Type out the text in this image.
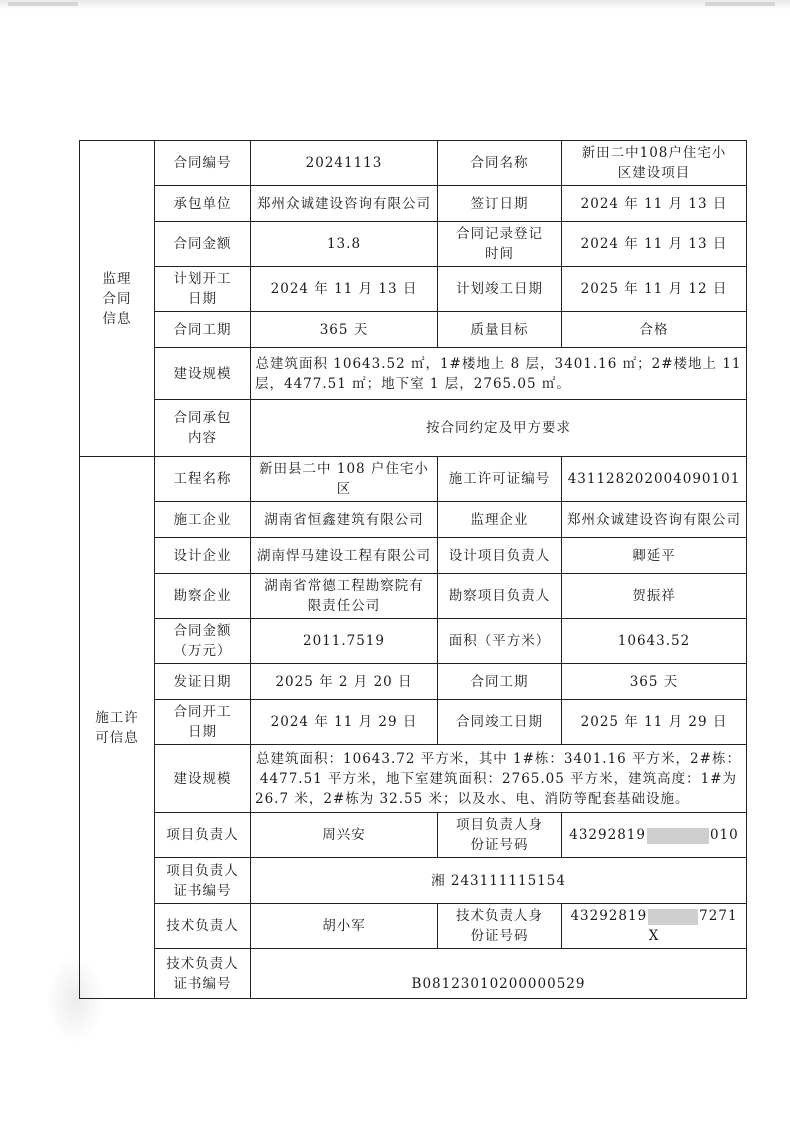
监理合同信息	合同编号	20241113	合同名称	新田二中108户住宅小区建设项目
	承包单位	郑州众诚建设咨询有限公司	签订日期	2024 年 11 月 13 日
	合同金额	13.8	合同记录登记时间	2024 年 11 月 13 日
	计划开工日期	2024 年 11 月 13 日	计划竣工日期	2025 年 11 月 12 日
	合同工期	365 天	质量目标	合格
	建设规模	总建筑面积 10643.52 ㎡，1#楼地上 8 层，3401.16 ㎡；2#楼地上 11 层，4477.51 ㎡；地下室 1 层，2765.05 ㎡。		
	合同承包内容	按合同约定及甲方要求		
施工许可信息	工程名称	新田县二中 108 户住宅小区	施工许可证编号	431128202004090101
	施工企业	湖南省恒鑫建筑有限公司	监理企业	郑州众诚建设咨询有限公司
	设计企业	湖南悍马建设工程有限公司	设计项目负责人	卿延平
	勘察企业	湖南省常德工程勘察院有限责任公司	勘察项目负责人	贺振祥
	合同金额（万元）	2011.7519	面积（平方米）	10643.52
	发证日期	2025 年 2 月 20 日	合同工期	365 天
	合同开工日期	2024 年 11 月 29 日	合同竣工日期	2025 年 11 月 29 日
	建设规模	总建筑面积：10643.72 平方米，其中 1#栋：3401.16 平方米，2#栋：4477.51 平方米，地下室建筑面积：2765.05 平方米，建筑高度：1#为 26.7 米，2#栋为 32.55 米；以及水、电、消防等配套基础设施。		
	项目负责人	周兴安	项目负责人身份证号码	43292819 010
	项目负责人证书编号	湘 243111115154		
	技术负责人	胡小军	技术负责人身份证号码	43292819 7271X
	技术负责人证书编号	B08123010200000529		
